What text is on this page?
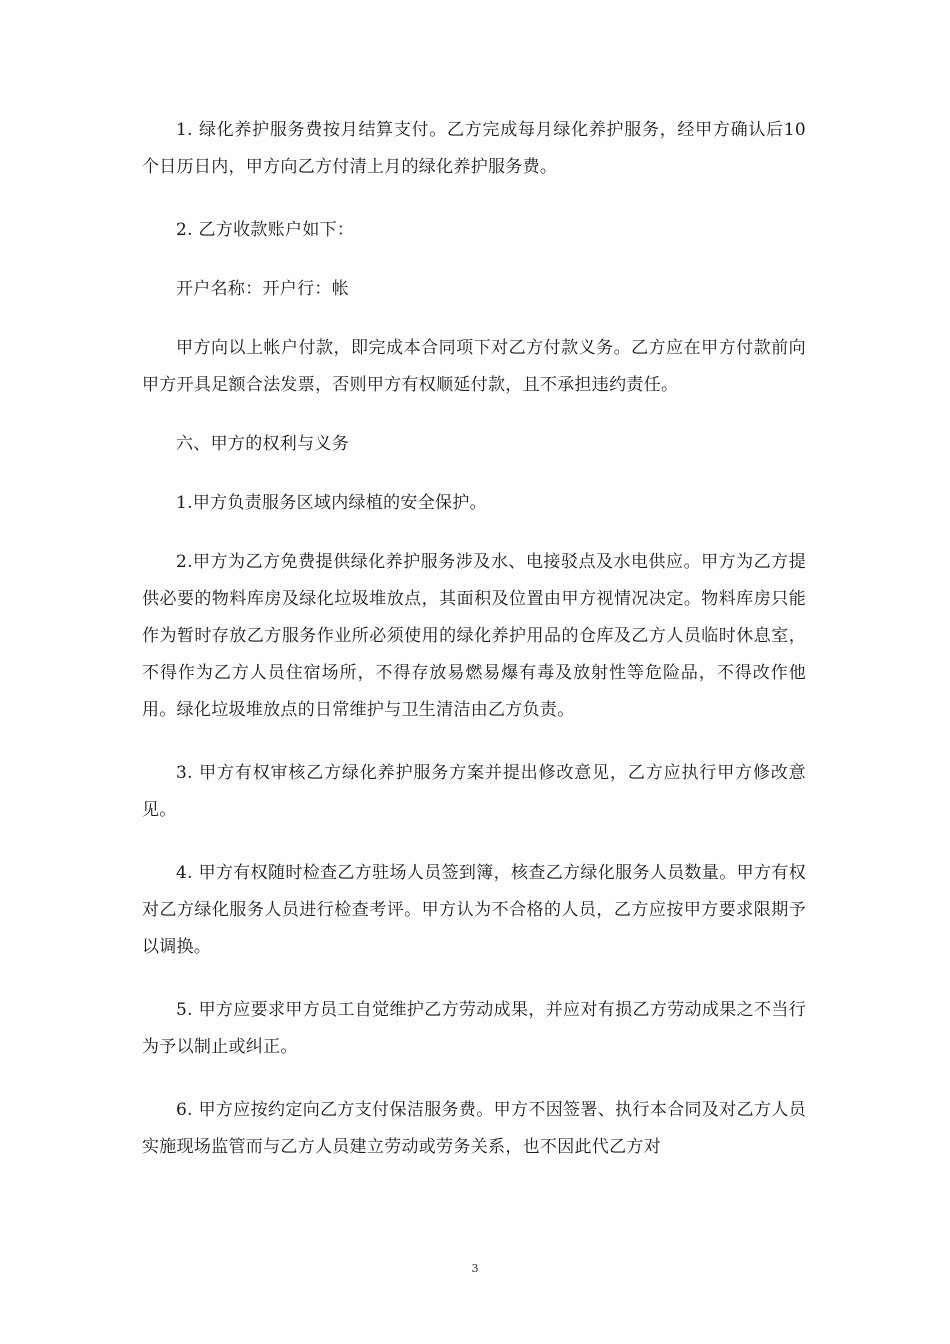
1. 绿化养护服务费按月结算支付。乙方完成每月绿化养护服务，经甲方确认后10个日历日内，甲方向乙方付清上月的绿化养护服务费。

2. 乙方收款账户如下：

开户名称：开户行：帐

甲方向以上帐户付款，即完成本合同项下对乙方付款义务。乙方应在甲方付款前向甲方开具足额合法发票，否则甲方有权顺延付款，且不承担违约责任。

六、甲方的权利与义务

1.甲方负责服务区域内绿植的安全保护。

2.甲方为乙方免费提供绿化养护服务涉及水、电接驳点及水电供应。甲方为乙方提供必要的物料库房及绿化垃圾堆放点，其面积及位置由甲方视情况决定。物料库房只能作为暂时存放乙方服务作业所必须使用的绿化养护用品的仓库及乙方人员临时休息室，不得作为乙方人员住宿场所，不得存放易燃易爆有毒及放射性等危险品，不得改作他用。绿化垃圾堆放点的日常维护与卫生清洁由乙方负责。

3. 甲方有权审核乙方绿化养护服务方案并提出修改意见，乙方应执行甲方修改意见。

4. 甲方有权随时检查乙方驻场人员签到簿，核查乙方绿化服务人员数量。甲方有权对乙方绿化服务人员进行检查考评。甲方认为不合格的人员，乙方应按甲方要求限期予以调换。

5. 甲方应要求甲方员工自觉维护乙方劳动成果，并应对有损乙方劳动成果之不当行为予以制止或纠正。

6. 甲方应按约定向乙方支付保洁服务费。甲方不因签署、执行本合同及对乙方人员实施现场监管而与乙方人员建立劳动或劳务关系，也不因此代乙方对

3
